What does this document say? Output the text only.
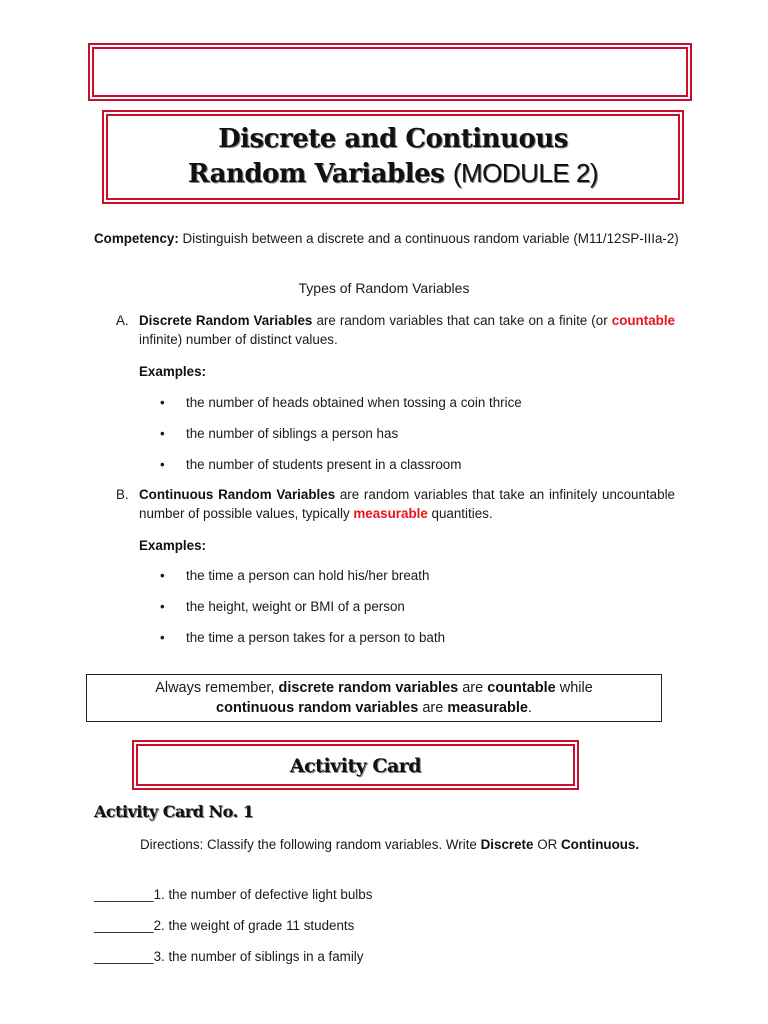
Discrete and Continuous
Random Variables (MODULE 2)
Competency: Distinguish between a discrete and a continuous random variable (M11/12SP-IIIa-2)
Types of Random Variables
A. Discrete Random Variables are random variables that can take on a finite (or countable infinite) number of distinct values.
Examples:
• the number of heads obtained when tossing a coin thrice
• the number of siblings a person has
• the number of students present in a classroom
B. Continuous Random Variables are random variables that take an infinitely uncountable number of possible values, typically measurable quantities.
Examples:
• the time a person can hold his/her breath
• the height, weight or BMI of a person
• the time a person takes for a person to bath
Always remember, discrete random variables are countable while
continuous random variables are measurable.
Activity Card
Activity Card No. 1
Directions: Classify the following random variables. Write Discrete OR Continuous.
________1. the number of defective light bulbs
________2. the weight of grade 11 students
________3. the number of siblings in a family
